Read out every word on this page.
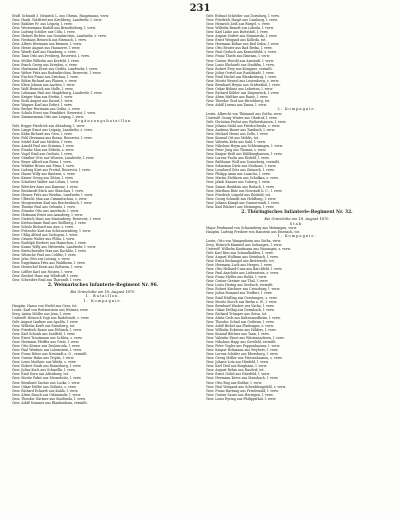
231
Stuff. Schmidt 3. Heinrich L. aus Ohrum, Hauptmann, verw.
Gesr. Hank, Gottfried aus Kirchberg, Landwehr, l. verw.
Gesr. Baldner Fr. aus Leipzig, l. verw.
Gesr. Westermann Rudolf aus Brandenburg, l. verw.
Gesr. Ludwig Schüler aus Cöln, l. verw.
Gesr. Hubert Richter aus Neunkirchen, Landwehr, s. verw.
Gesr. Neuhaus Heinrich aus Eisenach, l. verw.
Gesr. Albers Hermann aus Bremen, l. verw.
Gesr. Hesse August aus Hannover, l. verw.
Gesr. Wendt Karl aus Hamburg, s. verw.
Gesr. Tann Otto aus Freiberg, Reservist, l. verw.
Gesr. Müller Wilhelm aus Krefeld, l. verw.
Gesr. Busch Georg aus Dresden, s. verw.
Gesr. Hartmann Ernst aus Görlitz, Landwehr, l. verw.
Gesr. Weber Fritz aus Rodenkirchen, Reservist, l. verw.
Gesr. Fischer Franz aus Zwickau, l. verw.
Gesr. Böhm Richard aus Plauen, s. verw.
Gesr. Klein Johann aus Aachen, l. verw.
Gesr. Wolf Heinrich aus Halle, l. verw.
Gesr. Lehmann Paul aus Magdeburg, Landwehr, l. verw.
Gesr. Krüger Max aus Stettin, l. verw.
Gesr. Roth August aus Kassel, l. verw.
Gesr. Wagner Karl aus Erfurt, l. verw.
Gesr. Becker Hermann aus Gotha, s. verw.
Gesr. Schulz Ernst aus Frankfurt, Reservist, l. verw.
Gesr. Zimmermann Otto aus Leipzig, l. verw.
Ergänzungsbataillon
Gefr. Hoppe Friedrich aus Altenburg, l. verw.
Gesr. Lange Ernst aus Leipzig, Landwehr, s. verw.
Gesr. Kühn Richard aus Gera, l. verw.
Gesr. Pohl Hermann aus Borna, Reservist, l. verw.
Gesr. Seidel Karl aus Meißen, l. verw.
Gesr. Arnold Paul aus Grimma, l. verw.
Gesr. Franke Max aus Döbeln, s. verw.
Gesr. Vogel Emil aus Oschatz, l. verw.
Gesr. Günther Otto aus Würzen, Landwehr, l. verw.
Gesr. Beyer Alfred aus Riesa, l. verw.
Gesr. Winkler Bruno aus Pirna, l. verw.
Gesr. Ludwig Kurt aus Freital, Reservist, l. verw.
Gesr. Haase Willy aus Bautzen, s. verw.
Gesr. Kaiser Georg aus Zittau, l. verw.
Gesr. Schubert Walter aus Löbau, l. verw.
Gesr. Böttcher Arno aus Kamenz, l. verw.
Gesr. Reinhardt Erich aus Glauchau, l. verw.
Gesr. Heinze Fritz aus Werdau, Landwehr, l. verw.
Gesr. Ulbricht Max aus Crimmitschau, s. verw.
Gesr. Morgenstern Karl aus Reichenbach, l. verw.
Gesr. Thieme Paul aus Oelsnitz, l. verw.
Gesr. Straube Otto aus Auerbach, l. verw.
Gesr. Hofmann Ernst aus Annaberg, l. verw.
Gesr. Dietrich Hans aus Marienberg, Reservist, l. verw.
Gesr. Kretzschmar Emil aus Stollberg, l. verw.
Gesr. Scholz Richard aus Aue, s. verw.
Gesr. Fritzsche Kurt aus Schwarzenberg, l. verw.
Gesr. Uhlig Alfred aus Zschopau, l. verw.
Gesr. Gruner Walter aus Flöha, l. verw.
Gesr. Rudolph Herbert aus Hainichen, l. verw.
Gesr. Kunze Willy aus Mittweida, Landwehr, l. verw.
Gesr. Bretschneider Max aus Rochlitz, l. verw.
Gesr. Wünsche Paul aus Colditz, l. verw.
Gesr. Jahn Otto aus Leisnig, s. verw.
Gesr. Engelmann Fritz aus Waldheim, l. verw.
Gesr. Hentschel Ernst aus Roßwein, l. verw.
Gesr. Löffler Karl aus Nossen, l. verw.
Gesr. Reichel Hans aus Wilsdruff, l. verw.
Gesr. Schreiber Emil aus Tharandt, l. verw.
2. Weimarisches Infanterie-Regiment Nr. 96.
Bei Gravelotte am 18. August 1870.
1. Bataillon.
1. Kompagnie.
Hauptm. Hasso von Wedel aus Gera, tot.
Leutn. Karl von Reitzenstein aus Weimar, verw.
Serg. Anton Müller aus Jena, l. verw.
Unteroff. Heinrich Vogt aus Rudolstadt, s. verw.
Gefr. August Lindner aus Apolda, l. verw.
Gesr. Wilhelm Kraft aus Eisenberg, tot.
Gesr. Friedrich Busse aus Pößneck, l. verw.
Gesr. Karl Schenk aus Saalfeld, l. verw.
Gesr. Ernst Trautmann aus Schleiz, s. verw.
Gesr. Hermann Pfeiffer aus Greiz, l. verw.
Gesr. Otto Körner aus Zeulenroda, l. verw.
Gesr. Paul Weidner aus Lobenstein, l. verw.
Gesr. Franz Ritter aus Neustadt a. O., vermißt.
Gesr. Gustav Hahn aus Triptis, l. verw.
Gesr. Louis Meißner aus Weida, s. verw.
Gesr. Robert Stark aus Ronneburg, l. verw.
Gesr. Julius Koch aus Schmölln, l. verw.
Gesr. Emil Dorn aus Altenburg, tot.
Gesr. Moritz Pabst aus Meuselwitz, l. verw.
Gesr. Bernhard Sachse aus Lucka, l. verw.
Gesr. Oskar Heller aus Gößnitz, s. verw.
Gesr. Richard Eckardt aus Kahla, l. verw.
Gesr. Alwin Rauch aus Orlamünde, l. verw.
Gesr. Theodor Gärtner aus Stadtroda, l. verw.
Gesr. Adolf Sommer aus Blankenhain, vermißt.
Gefr. Helmut Schröder aus Dornburg, l. verw.
Gesr. Friedrich Haupt aus Camburg, l. verw.
Gesr. Heinrich Zeiß aus Bürgel, s. verw.
Gesr. Wilhelm Brandt aus Lobeda, l. verw.
Gesr. Karl Linke aus Buttstädt, l. verw.
Gesr. August Seifert aus Sömmerda, l. verw.
Gesr. Ernst Wiegand aus Kölleda, tot.
Gesr. Hermann Kühne aus Bad Sulza, l. verw.
Gesr. Otto Reuter aus Bad Berka, l. verw.
Gesr. Paul Gerlach aus Kranichfeld, s. verw.
Gesr. Franz Thiele aus Ilmenau, l. verw.
Gesr. Gustav Herold aus Arnstadt, l. verw.
Gesr. Louis Ehrhardt aus Stadtilm, l. verw.
Gesr. Robert Frey aus Königsee, vermißt.
Gesr. Julius Oertel aus Rudolstadt, l. verw.
Gesr. Emil Michel aus Blankenburg, l. verw.
Gesr. Moritz Wenzel aus Leutenberg, s. verw.
Gesr. Bernhard Heyne aus Gräfenthal, l. verw.
Gesr. Oskar Böhme aus Lehesten, l. verw.
Gesr. Richard Köhler aus Ziegenrück, l. verw.
Gesr. Alwin Walther aus Ranis, l. verw.
Gesr. Theodor Graf aus Hirschberg, tot.
Gesr. Adolf Lorenz aus Tanna, l. verw.
2. Kompagnie.
Leutn. Albrecht von Thümmel aus Gotha, verw.
Unteroff. Georg Winter aus Ohrdruf, l. verw.
Gefr. Christian Probst aus Waltershausen, l. verw.
Gesr. Johann Stahl aus Friedrichroda, s. verw.
Gesr. Andreas Bauer aus Tambach, l. verw.
Gesr. Michael Hesse aus Zella, l. verw.
Gesr. Konrad Ott aus Mehlis, tot.
Gesr. Valentin Kehr aus Suhl, l. verw.
Gesr. Nikolaus Heym aus Schleusingen, l. verw.
Gesr. Peter Jung aus Themar, s. verw.
Gesr. Kaspar Reiß aus Hildburghausen, l. verw.
Gesr. Lorenz Fuchs aus Eisfeld, l. verw.
Gesr. Balthasar Wolf aus Sonneberg, vermißt.
Gesr. Sebastian Dietz aus Neuhaus, l. verw.
Gesr. Leonhard Götz aus Steinach, l. verw.
Gesr. Philipp Amm aus Lauscha, l. verw.
Gesr. Martin Eichhorn aus Schalkau, s. verw.
Gesr. Jakob Knauer aus Coburg, l. verw.
Gesr. Simon Heublein aus Rodach, l. verw.
Gesr. Matthias Bätz aus Neustadt b. C., l. verw.
Gesr. Friedrich Leipold aus Rönhild, tot.
Gesr. Georg Schmidt aus Heldburg, l. verw.
Gesr. Johann Kämpf aus Ummerstadt, l. verw.
Gesr. Karl Rückert aus Meiningen, l. verw.
2. Thüringisches Infanterie-Regiment Nr. 32.
Bei Gravelotte am 18. August 1870.
Stab.
Major Ferdinand von Schaumberg aus Meiningen, verw.
Hauptm. Ludwig Freiherr von Hanstein aus Eisenach, tot.
1. Kompagnie.
Leutn. Otto von Wangenheim aus Gotha, verw.
Serg. Heinrich Kümmel aus Salzungen, l. verw.
Unteroff. Wilhelm Kaufmann aus Wasungen, s. verw.
Gefr. Karl Ries aus Schmalkalden, l. verw.
Gesr. August Wolfram aus Steinbach, l. verw.
Gesr. Ernst Recknagel aus Brotterode, tot.
Gesr. Hermann Luck aus Herges, l. verw.
Gesr. Otto Holland-Cunz aus Barchfeld, l. verw.
Gesr. Paul Anschütz aus Liebenstein, s. verw.
Gesr. Franz Möller aus Ruhla, l. verw.
Gesr. Gustav Greiner aus Thal, l. verw.
Gesr. Louis Hering aus Seebach, vermißt.
Gesr. Robert Kirchner aus Creuzburg, l. verw.
Gesr. Julius Rommel aus Treffurt, l. verw.
Gesr. Emil Nüdling aus Gerstungen, s. verw.
Gesr. Moritz Storch aus Berka a. W., l. verw.
Gesr. Bernhard Wacker aus Vacha, l. verw.
Gesr. Oskar Helbig aus Dermbach, l. verw.
Gesr. Richard Trümper aus Geisa, tot.
Gesr. Alwin Grob aus Kaltennordheim, l. verw.
Gesr. Theodor Schad aus Ostheim, l. verw.
Gesr. Adolf Bickel aus Fladungen, s. verw.
Gesr. Wilhelm Eckstein aus Hilders, l. verw.
Gesr. Konrad Büttner aus Tann, l. verw.
Gesr. Valentin Faust aus Wüstensachsen, l. verw.
Gesr. Nikolaus Happ aus Gersfeld, vermißt.
Gesr. Peter Vogler aus Poppenhausen, l. verw.
Gesr. Kaspar Hohmann aus Weyhers, l. verw.
Gesr. Lorenz Schäfer aus Ebersburg, l. verw.
Gesr. Georg Möller aus Friesenhausen, s. verw.
Gesr. Johann Lotz aus Hünfeld, l. verw.
Gesr. Karl Heil aus Burghaun, l. verw.
Gesr. August Rehm aus Rasdorf, tot.
Gesr. Ernst Göbel aus Eiterfeld, l. verw.
Gesr. Hermann Kress aus Mansbach, l. verw.
Gesr. Otto Bug aus Buttlar, l. verw.
Gesr. Paul Wiegand aus Schenklengsfeld, s. verw.
Gesr. Franz Hartung aus Friedewald, l. verw.
Gesr. Gustav Sauer aus Heringen, l. verw.
Gesr. Louis Eyring aus Philippsthal, l. verw.
